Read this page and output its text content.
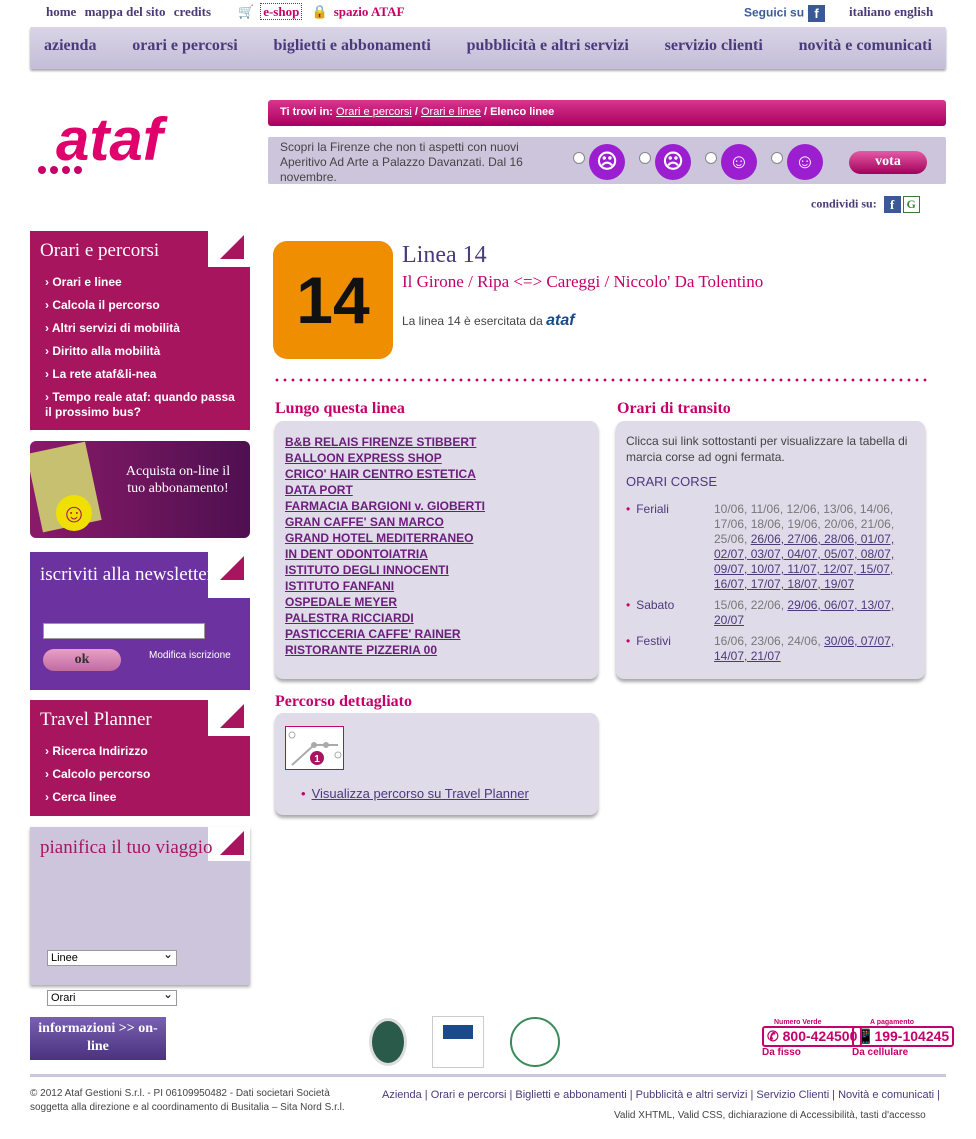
home mappa del sito credits	🛒 e-shop 🔒 spazio ATAF	Seguici su f	italiano english
azienda orari e percorsi biglietti e abbonamenti pubblicità e altri servizi servizio clienti novità e comunicati
ataf	Ti trovi in: Orari e percorsi / Orari e linee / Elenco linee
Scopri la Firenze che non ti aspetti con nuovi Aperitivo Ad Arte a Palazzo Davanzati. Dal 16 novembre.
☹	☹	☺	☺	vota
condividi su: f G
Orari e percorsi
› Orari e linee
› Calcola il percorso
› Altri servizi di mobilità
› Diritto alla mobilità
› La rete ataf&li-nea
› Tempo reale ataf: quando passa il prossimo bus?
☺
Acquista on-line il tuo abbonamento!
iscriviti alla newsletter
ok	Modifica iscrizione
Travel Planner
› Ricerca Indirizzo
› Calcolo percorso
› Cerca linee
pianifica il tuo viaggio
Linee ⌄
Orari ⌄
14
Linea 14
Il Girone / Ripa <=> Careggi / Niccolo' Da Tolentino
La linea 14 è esercitata da ataf
Lungo questa linea
B&B RELAIS FIRENZE STIBBERT
BALLOON EXPRESS SHOP
CRICO' HAIR CENTRO ESTETICA
DATA PORT
FARMACIA BARGIONI v. GIOBERTI
GRAN CAFFE' SAN MARCO
GRAND HOTEL MEDITERRANEO
IN DENT ODONTOIATRIA
ISTITUTO DEGLI INNOCENTI
ISTITUTO FANFANI
OSPEDALE MEYER
PALESTRA RICCIARDI
PASTICCERIA CAFFE' RAINER
RISTORANTE PIZZERIA 00
Orari di transito
Clicca sui link sottostanti per visualizzare la tabella di marcia corse ad ogni fermata.
ORARI CORSE
• Feriali	10/06, 11/06, 12/06, 13/06, 14/06, 17/06, 18/06, 19/06, 20/06, 21/06, 25/06, 26/06, 27/06, 28/06, 01/07, 02/07, 03/07, 04/07, 05/07, 08/07, 09/07, 10/07, 11/07, 12/07, 15/07, 16/07, 17/07, 18/07, 19/07
• Sabato	15/06, 22/06, 29/06, 06/07, 13/07, 20/07
• Festivi	16/06, 23/06, 24/06, 30/06, 07/07, 14/07, 21/07
Percorso dettagliato
1
• Visualizza percorso su Travel Planner
informazioni >> on-line
Numero Verde
✆ 800-424500
Da fisso
A pagamento
📱199-104245
Da cellulare
© 2012 Ataf Gestioni S.r.l. - PI 06109950482 - Dati societari Società soggetta alla direzione e al coordinamento di Busitalia – Sita Nord S.r.l.
Azienda | Orari e percorsi | Biglietti e abbonamenti | Pubblicità e altri servizi | Servizio Clienti | Novità e comunicati |
Valid XHTML, Valid CSS, dichiarazione di Accessibilità, tasti d'accesso
